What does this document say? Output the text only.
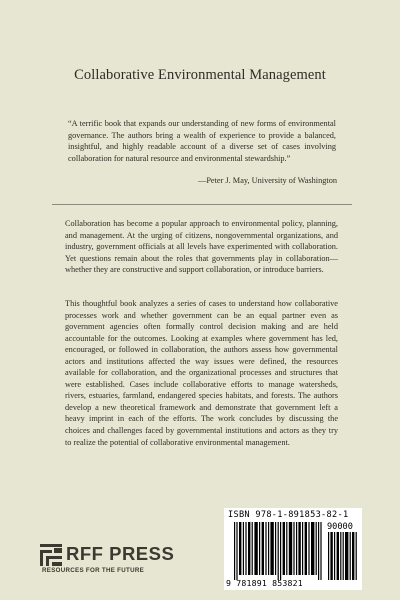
Collaborative Environmental Management
“A terrific book that expands our understanding of new forms of environmental governance. The authors bring a wealth of experience to provide a balanced, insightful, and highly readable account of a diverse set of cases involving collaboration for natural resource and environmental stewardship.”
—Peter J. May, University of Washington
Collaboration has become a popular approach to environmental policy, planning, and management. At the urging of citizens, nongovernmental organizations, and industry, government officials at all levels have experimented with collaboration. Yet questions remain about the roles that governments play in collaboration—whether they are constructive and support collaboration, or introduce barriers.
This thoughtful book analyzes a series of cases to understand how collaborative processes work and whether government can be an equal partner even as government agencies often formally control decision making and are held accountable for the outcomes. Looking at examples where government has led, encouraged, or followed in collaboration, the authors assess how governmental actors and institutions affected the way issues were defined, the resources available for collaboration, and the organizational processes and structures that were established. Cases include collaborative efforts to manage watersheds, rivers, estuaries, farmland, endangered species habitats, and forests. The authors develop a new theoretical framework and demonstrate that government left a heavy imprint in each of the efforts. The work concludes by discussing the choices and challenges faced by governmental institutions and actors as they try to realize the potential of collaborative environmental management.
RFF PRESS
RESOURCES FOR THE FUTURE
ISBN 978-1-891853-82-1
90000
9 781891 853821
